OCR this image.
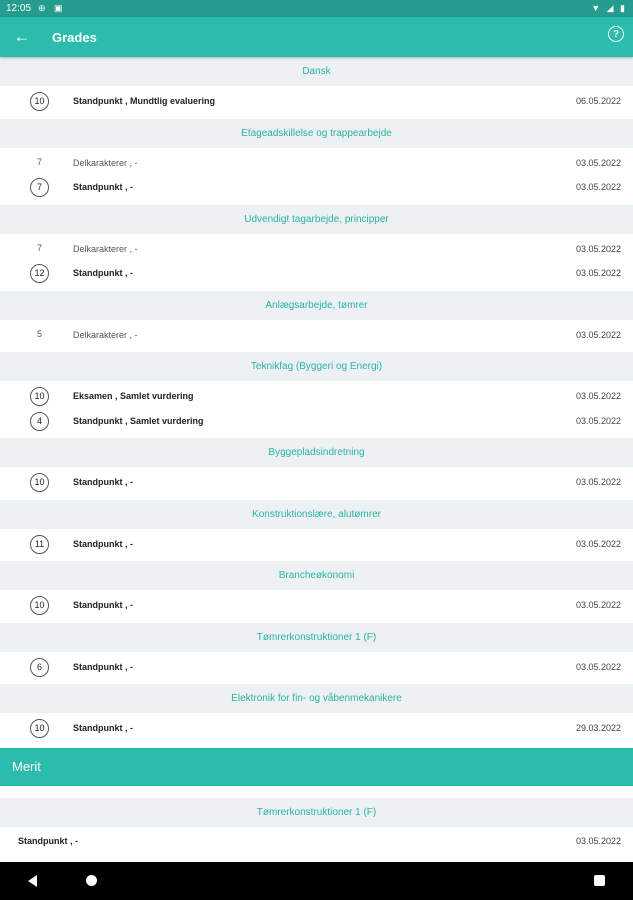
12:05 ⊕ ▣	▼ ◢ ▮
← Grades	?
Dansk
10	Standpunkt , Mundtlig evaluering	06.05.2022
Etageadskillelse og trappearbejde
7	Delkarakterer , -	03.05.2022
7	Standpunkt , -	03.05.2022
Udvendigt tagarbejde, principper
7	Delkarakterer , -	03.05.2022
12	Standpunkt , -	03.05.2022
Anlægsarbejde, tømrer
5	Delkarakterer , -	03.05.2022
Teknikfag (Byggeri og Energi)
10	Eksamen , Samlet vurdering	03.05.2022
4	Standpunkt , Samlet vurdering	03.05.2022
Byggepladsindretning
10	Standpunkt , -	03.05.2022
Konstruktionslære, alutømrer
11	Standpunkt , -	03.05.2022
Brancheøkonomi
10	Standpunkt , -	03.05.2022
Tømrerkonstruktioner 1 (F)
6	Standpunkt , -	03.05.2022
Elektronik for fin- og våbenmekanikere
10	Standpunkt , -	29.03.2022
Merit
Tømrerkonstruktioner 1 (F)
Standpunkt , -	03.05.2022
